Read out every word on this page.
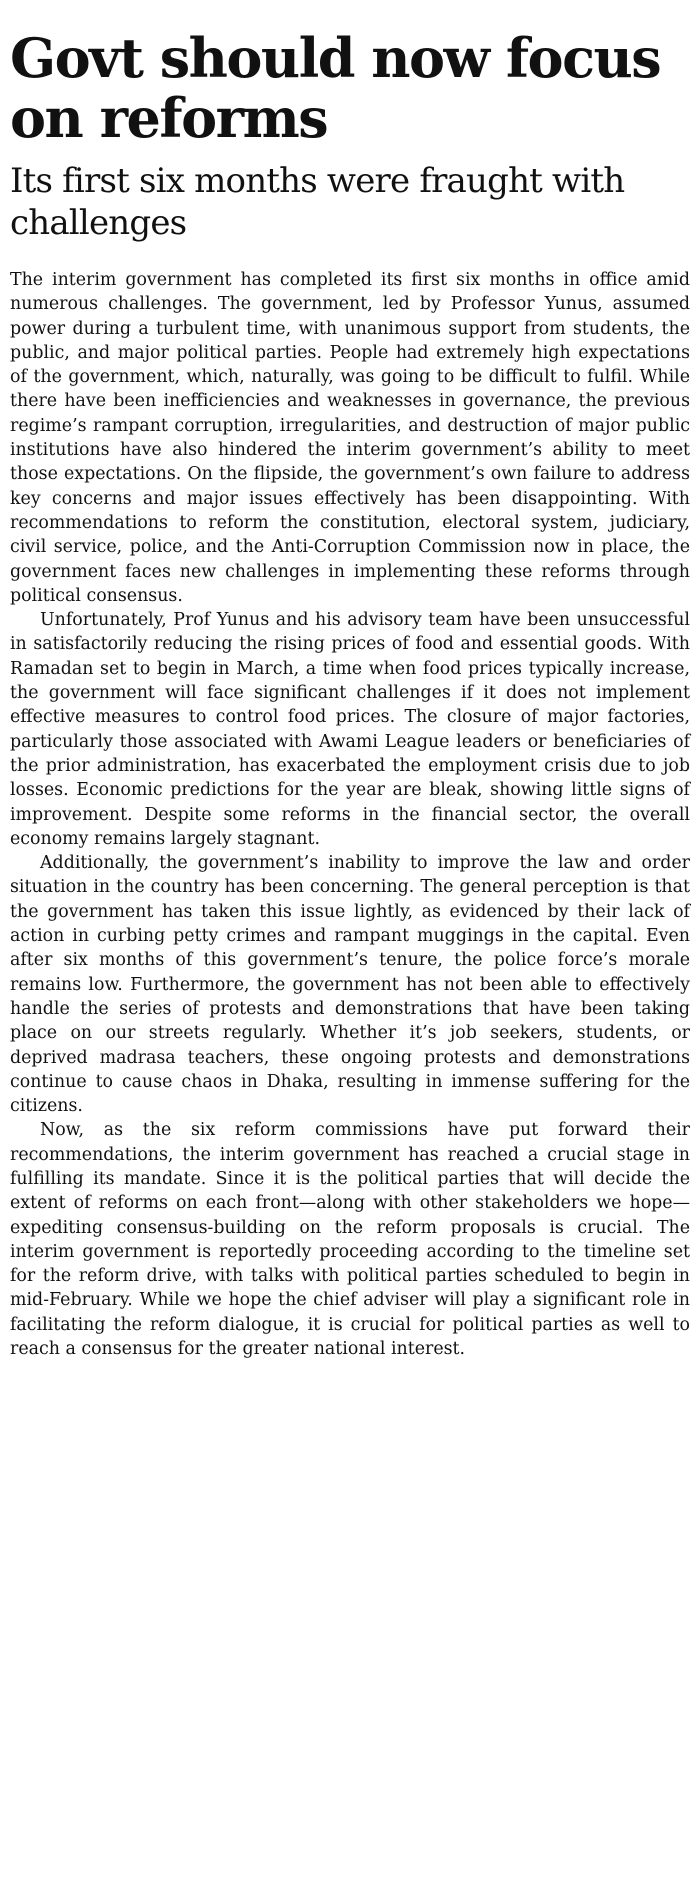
Govt should now focus on reforms
Its first six months were fraught with challenges

The interim government has completed its first six months in office amid numerous challenges. The government, led by Professor Yunus, assumed power during a turbulent time, with unanimous support from students, the public, and major political parties. People had extremely high expectations of the government, which, naturally, was going to be difficult to fulfil. While there have been inefficiencies and weaknesses in governance, the previous regime’s rampant corruption, irregularities, and destruction of major public institutions have also hindered the interim government’s ability to meet those expectations. On the flipside, the government’s own failure to address key concerns and major issues effectively has been disappointing. With recommendations to reform the constitution, electoral system, judiciary, civil service, police, and the Anti-Corruption Commission now in place, the government faces new challenges in implementing these reforms through political consensus.

Unfortunately, Prof Yunus and his advisory team have been unsuccessful in satisfactorily reducing the rising prices of food and essential goods. With Ramadan set to begin in March, a time when food prices typically increase, the government will face significant challenges if it does not implement effective measures to control food prices. The closure of major factories, particularly those associated with Awami League leaders or beneficiaries of the prior administration, has exacerbated the employment crisis due to job losses. Economic predictions for the year are bleak, showing little signs of improvement. Despite some reforms in the financial sector, the overall economy remains largely stagnant.

Additionally, the government’s inability to improve the law and order situation in the country has been concerning. The general perception is that the government has taken this issue lightly, as evidenced by their lack of action in curbing petty crimes and rampant muggings in the capital. Even after six months of this government’s tenure, the police force’s morale remains low. Furthermore, the government has not been able to effectively handle the series of protests and demonstrations that have been taking place on our streets regularly. Whether it’s job seekers, students, or deprived madrasa teachers, these ongoing protests and demonstrations continue to cause chaos in Dhaka, resulting in immense suffering for the citizens.

Now, as the six reform commissions have put forward their recommendations, the interim government has reached a crucial stage in fulfilling its mandate. Since it is the political parties that will decide the extent of reforms on each front—along with other stakeholders we hope—expediting consensus-building on the reform proposals is crucial. The interim government is reportedly proceeding according to the timeline set for the reform drive, with talks with political parties scheduled to begin in mid-February. While we hope the chief adviser will play a significant role in facilitating the reform dialogue, it is crucial for political parties as well to reach a consensus for the greater national interest.
